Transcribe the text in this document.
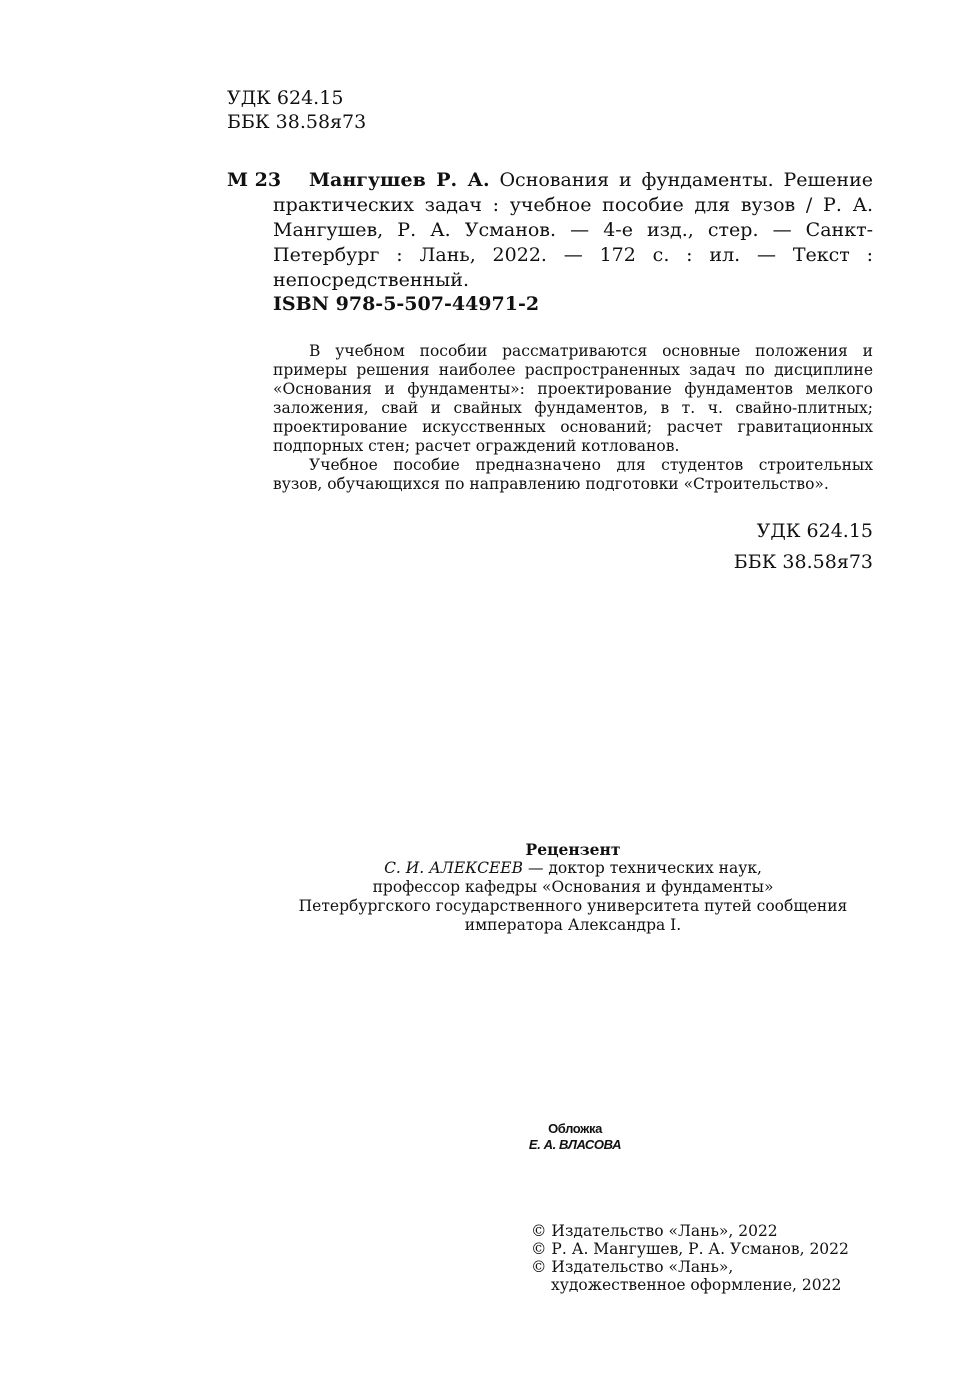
УДК 624.15
ББК 38.58я73
М 23	Мангушев Р. А. Основания и фундаменты. Решение практических задач : учебное пособие для вузов / Р. А. Мангушев, Р. А. Усманов. — 4-е изд., стер. — Санкт-Петербург : Лань, 2022. — 172 с. : ил. — Текст : непосредственный.
ISBN 978-5-507-44971-2

В учебном пособии рассматриваются основные положения и примеры решения наиболее распространенных задач по дисциплине «Основания и фундаменты»: проектирование фундаментов мелкого заложения, свай и свайных фундаментов, в т. ч. свайно-плитных; проектирование искусственных оснований; расчет гравитационных подпорных стен; расчет ограждений котлованов.

Учебное пособие предназначено для студентов строительных вузов, обучающихся по направлению подготовки «Строительство».

УДК 624.15
ББК 38.58я73
Рецензент
С. И. АЛЕКСЕЕВ — доктор технических наук,
профессор кафедры «Основания и фундаменты»
Петербургского государственного университета путей сообщения
императора Александра I.
Обложка
Е. А. ВЛАСОВА
© Издательство «Лань», 2022
© Р. А. Мангушев, Р. А. Усманов, 2022
© Издательство «Лань»,
художественное оформление, 2022
